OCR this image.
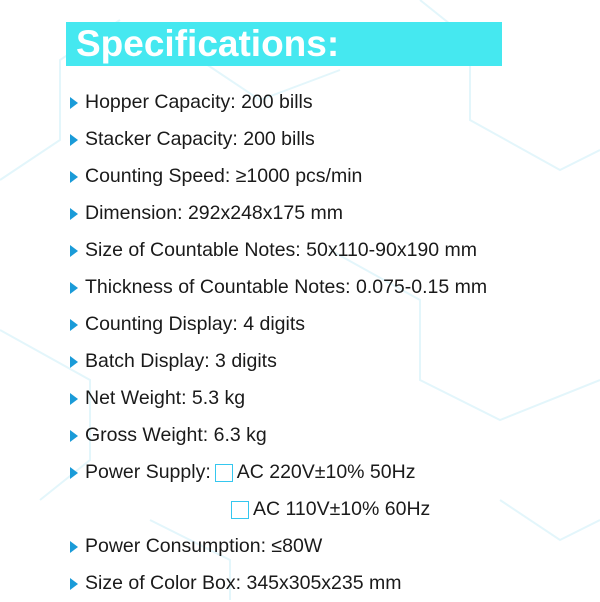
Specifications:
Hopper Capacity: 200 bills
Stacker Capacity: 200 bills
Counting Speed: ≥1000 pcs/min
Dimension: 292x248x175 mm
Size of Countable Notes: 50x110-90x190 mm
Thickness of Countable Notes: 0.075-0.15 mm
Counting Display: 4 digits
Batch Display: 3 digits
Net Weight: 5.3 kg
Gross Weight: 6.3 kg
Power Supply: AC 220V±10% 50Hz
AC 110V±10% 60Hz
Power Consumption: ≤80W
Size of Color Box: 345x305x235 mm
